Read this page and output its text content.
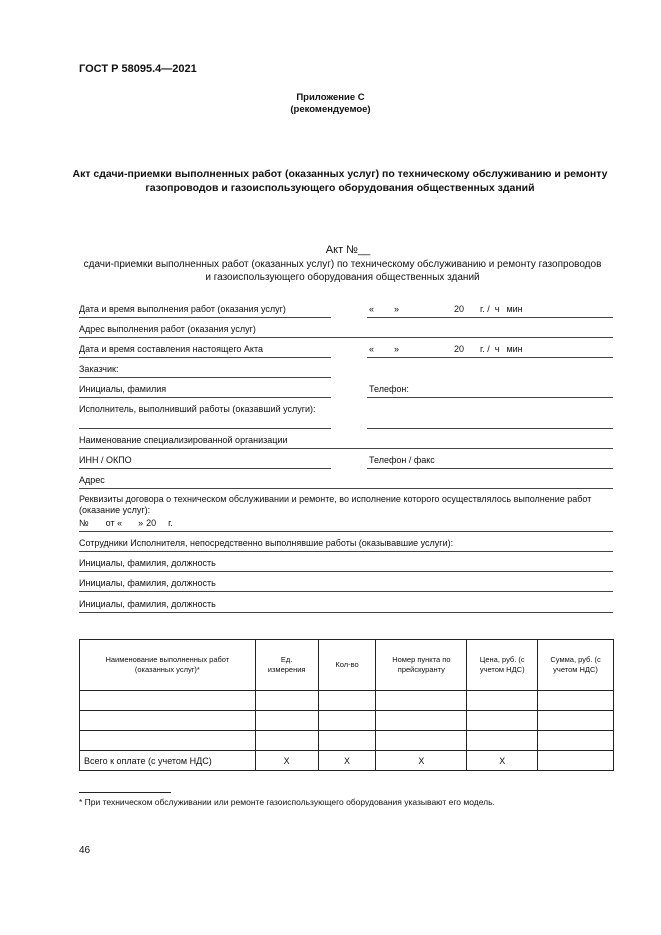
ГОСТ Р 58095.4—2021
Приложение С
(рекомендуемое)
Акт сдачи-приемки выполненных работ (оказанных услуг) по техническому обслуживанию и ремонту газопроводов и газоиспользующего оборудования общественных зданий
Акт №__
сдачи-приемки выполненных работ (оказанных услуг) по техническому обслуживанию и ремонту газопроводов и газоиспользующего оборудования общественных зданий
Дата и время выполнения работ (оказания услуг)	« »	20 г. / ч мин
Адрес выполнения работ (оказания услуг)
Дата и время составления настоящего Акта	« »	20 г. / ч мин
Заказчик:
Инициалы, фамилия	Телефон:
Исполнитель, выполнивший работы (оказавший услуги):
Наименование специализированной организации
ИНН / ОКПО	Телефон / факс
Адрес
Реквизиты договора о техническом обслуживании и ремонте, во исполнение которого осуществлялось выполнение работ (оказание услуг):
№ от « » 20 г.
Сотрудники Исполнителя, непосредственно выполнявшие работы (оказывавшие услуги):
Инициалы, фамилия, должность
Инициалы, фамилия, должность
Инициалы, фамилия, должность
Наименование выполненных работ (оказанных услуг)*	Ед. измерения	Кол-во	Номер пункта по прейскуранту	Цена, руб. (с учетом НДС)	Сумма, руб. (с учетом НДС)

Всего к оплате (с учетом НДС)	X	X	X	X	
* При техническом обслуживании или ремонте газоиспользующего оборудования указывают его модель.
46
